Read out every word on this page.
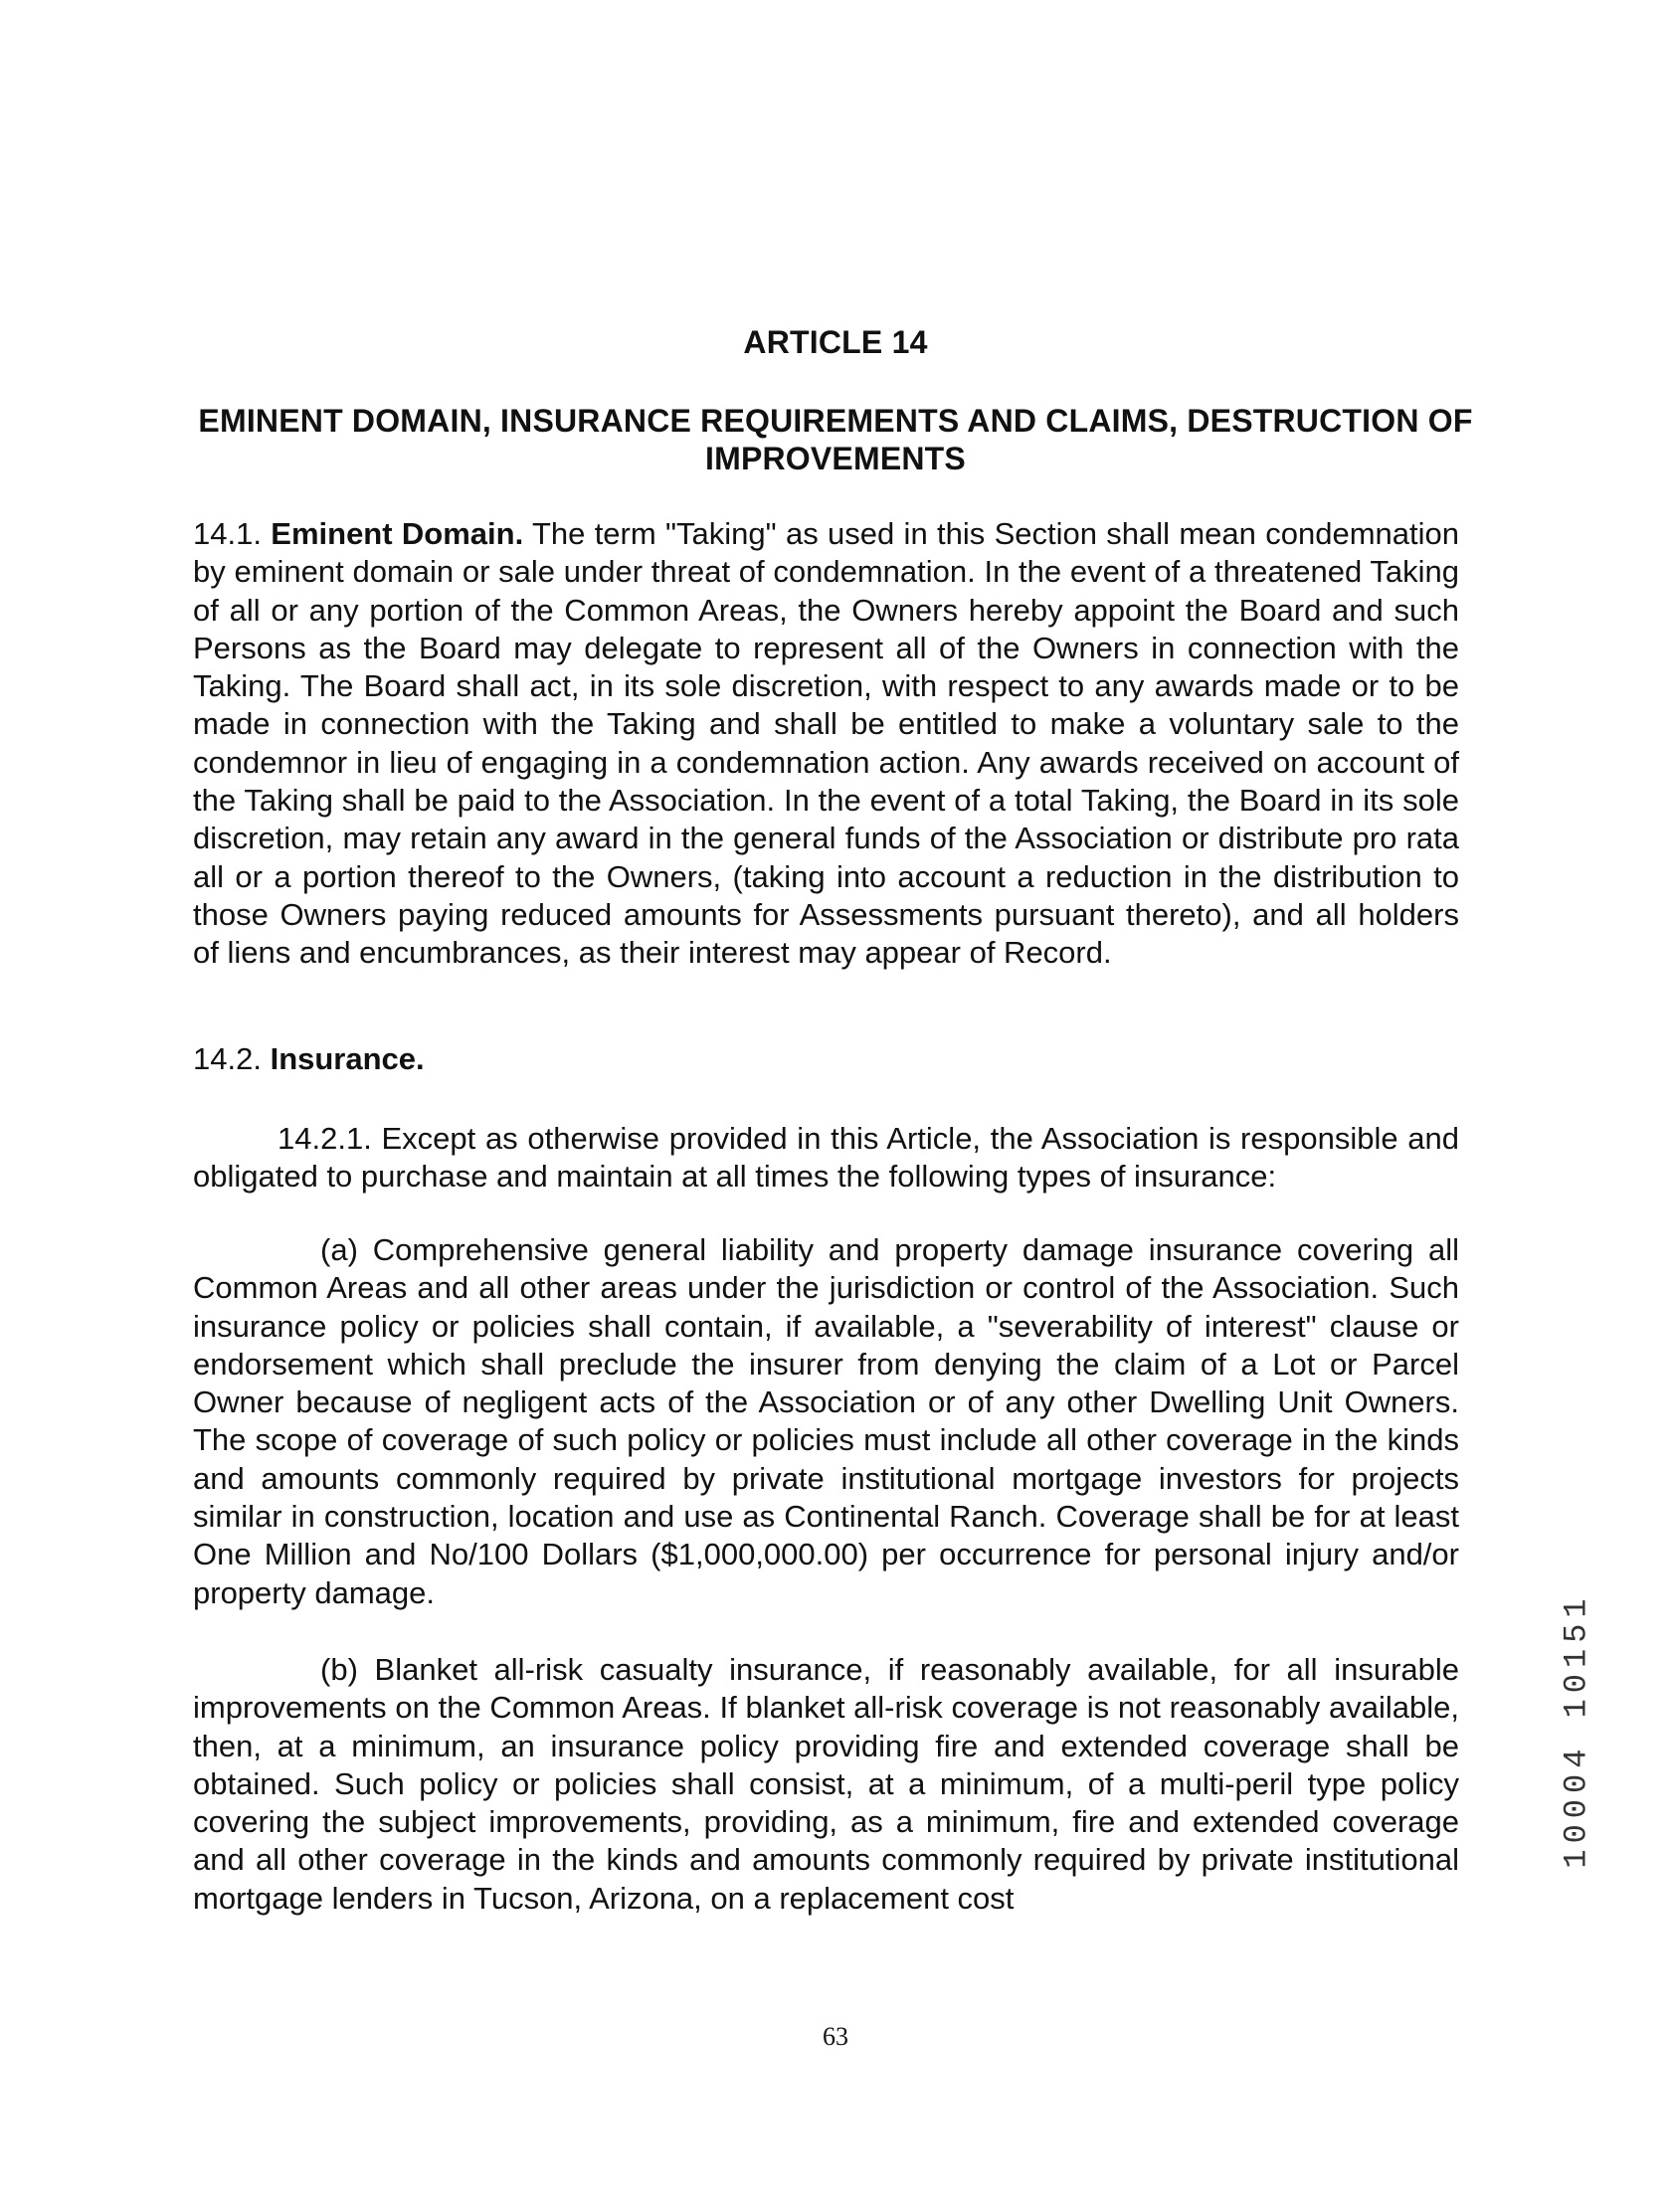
ARTICLE 14
EMINENT DOMAIN, INSURANCE REQUIREMENTS AND CLAIMS, DESTRUCTION OF IMPROVEMENTS

14.1. Eminent Domain. The term "Taking" as used in this Section shall mean condemnation by eminent domain or sale under threat of condemnation. In the event of a threatened Taking of all or any portion of the Common Areas, the Owners hereby appoint the Board and such Persons as the Board may delegate to represent all of the Owners in connection with the Taking. The Board shall act, in its sole discretion, with respect to any awards made or to be made in connection with the Taking and shall be entitled to make a voluntary sale to the condemnor in lieu of engaging in a condemnation action. Any awards received on account of the Taking shall be paid to the Association. In the event of a total Taking, the Board in its sole discretion, may retain any award in the general funds of the Association or distribute pro rata all or a portion thereof to the Owners, (taking into account a reduction in the distribution to those Owners paying reduced amounts for Assessments pursuant thereto), and all holders of liens and encumbrances, as their interest may appear of Record.

14.2. Insurance.

14.2.1. Except as otherwise provided in this Article, the Association is responsible and obligated to purchase and maintain at all times the following types of insurance:

(a) Comprehensive general liability and property damage insurance covering all Common Areas and all other areas under the jurisdiction or control of the Association. Such insurance policy or policies shall contain, if available, a "severability of interest" clause or endorsement which shall preclude the insurer from denying the claim of a Lot or Parcel Owner because of negligent acts of the Association or of any other Dwelling Unit Owners. The scope of coverage of such policy or policies must include all other coverage in the kinds and amounts commonly required by private institutional mortgage investors for projects similar in construction, location and use as Continental Ranch. Coverage shall be for at least One Million and No/100 Dollars ($1,000,000.00) per occurrence for personal injury and/or property damage.

(b) Blanket all-risk casualty insurance, if reasonably available, for all insurable improvements on the Common Areas. If blanket all-risk coverage is not reasonably available, then, at a minimum, an insurance policy providing fire and extended coverage shall be obtained. Such policy or policies shall consist, at a minimum, of a multi-peril type policy covering the subject improvements, providing, as a minimum, fire and extended coverage and all other coverage in the kinds and amounts commonly required by private institutional mortgage lenders in Tucson, Arizona, on a replacement cost

10004 10151
63
